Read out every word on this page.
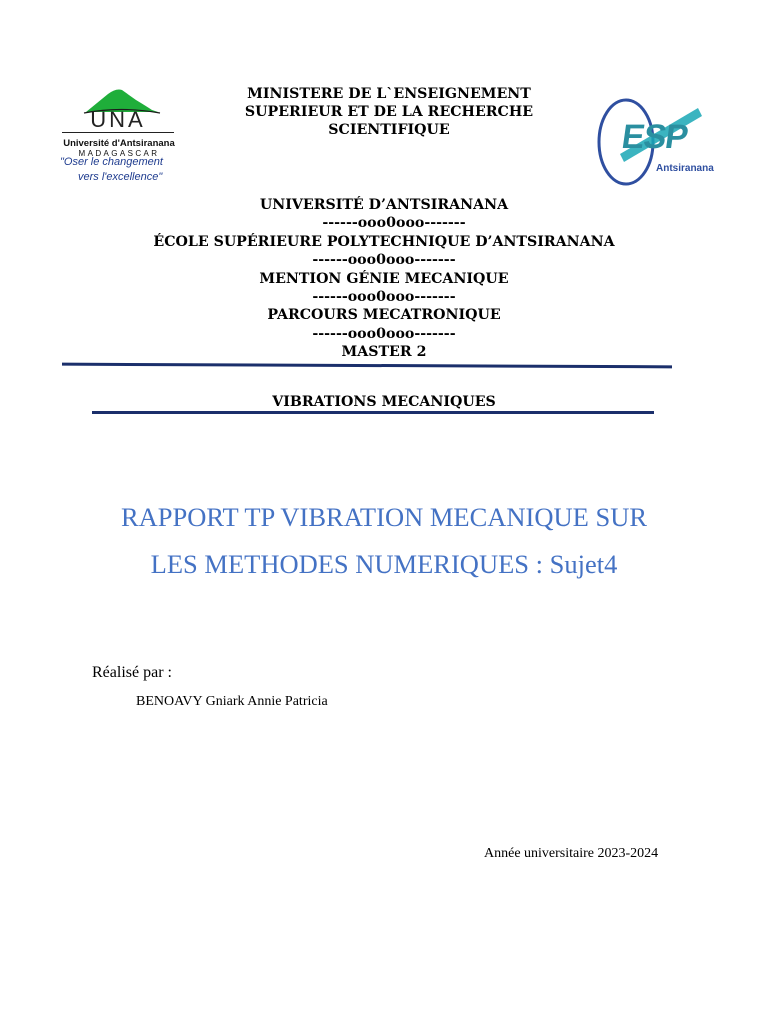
UNA
Université d'Antsiranana
MADAGASCAR
"Oser le changement
vers l'excellence"
ESP
Antsiranana
MINISTERE DE L`ENSEIGNEMENT
SUPERIEUR ET DE LA RECHERCHE
SCIENTIFIQUE
UNIVERSITÉ D’ANTSIRANANA
------ooo0ooo-------
ÉCOLE SUPÉRIEURE POLYTECHNIQUE D’ANTSIRANANA
------ooo0ooo-------
MENTION GÉNIE MECANIQUE
------ooo0ooo-------
PARCOURS MECATRONIQUE
------ooo0ooo-------
MASTER 2
VIBRATIONS MECANIQUES
RAPPORT TP VIBRATION MECANIQUE SUR
LES METHODES NUMERIQUES : Sujet4
Réalisé par :
BENOAVY Gniark Annie Patricia
Année universitaire 2023-2024
